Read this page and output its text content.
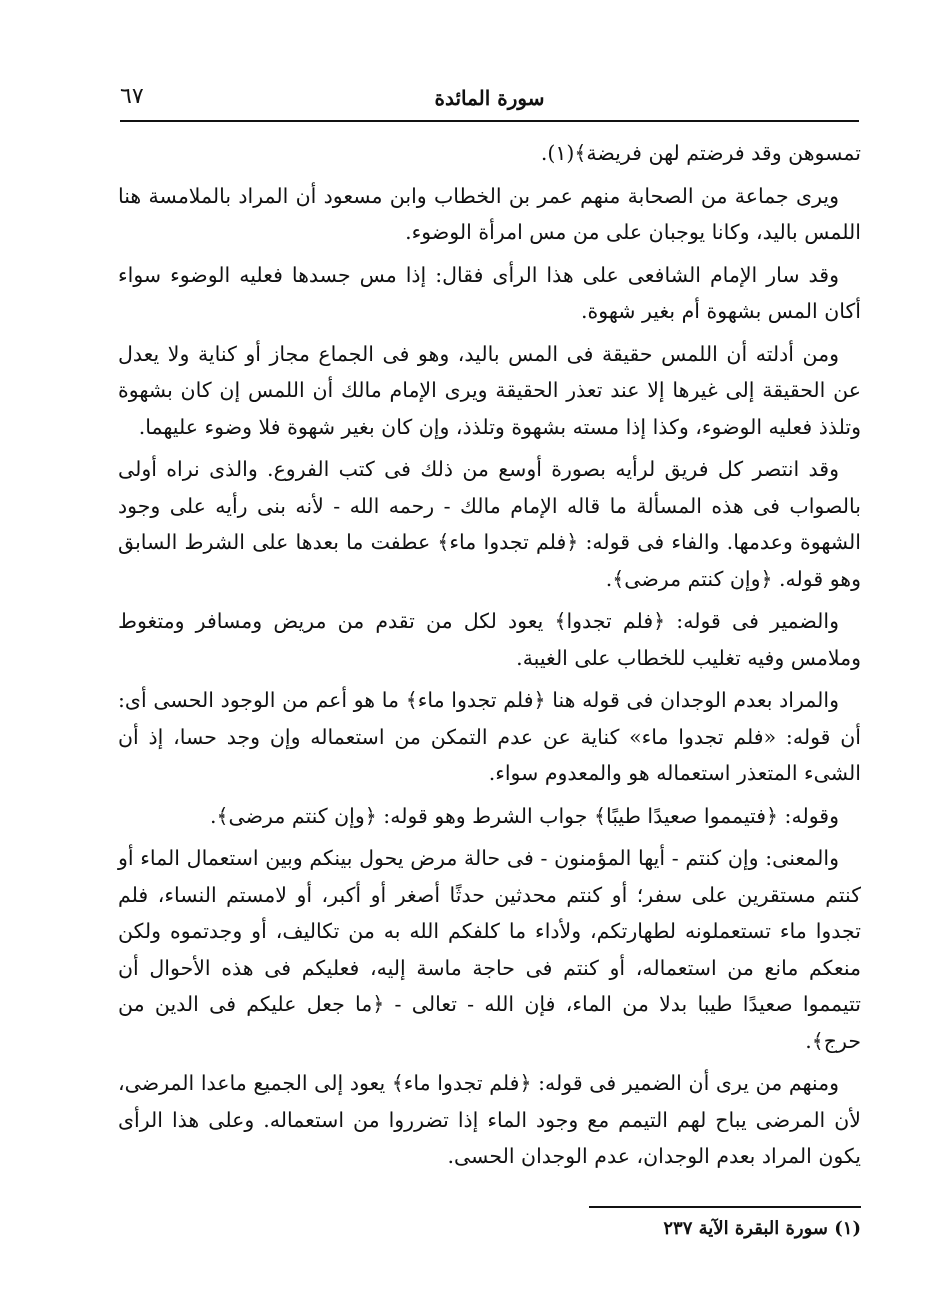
٦٧	سورة المائدة

تمسوهن وقد فرضتم لهن فريضة﴾(١).

ويرى جماعة من الصحابة منهم عمر بن الخطاب وابن مسعود أن المراد بالملامسة هنا اللمس باليد، وكانا يوجبان على من مس امرأة الوضوء.

وقد سار الإمام الشافعى على هذا الرأى فقال: إذا مس جسدها فعليه الوضوء سواء أكان المس بشهوة أم بغير شهوة.

ومن أدلته أن اللمس حقيقة فى المس باليد، وهو فى الجماع مجاز أو كناية ولا يعدل عن الحقيقة إلى غيرها إلا عند تعذر الحقيقة ويرى الإمام مالك أن اللمس إن كان بشهوة وتلذذ فعليه الوضوء، وكذا إذا مسته بشهوة وتلذذ، وإن كان بغير شهوة فلا وضوء عليهما.

وقد انتصر كل فريق لرأيه بصورة أوسع من ذلك فى كتب الفروع. والذى نراه أولى بالصواب فى هذه المسألة ما قاله الإمام مالك - رحمه الله - لأنه بنى رأيه على وجود الشهوة وعدمها. والفاء فى قوله: ﴿فلم تجدوا ماء﴾ عطفت ما بعدها على الشرط السابق وهو قوله. ﴿وإن كنتم مرضى﴾.

والضمير فى قوله: ﴿فلم تجدوا﴾ يعود لكل من تقدم من مريض ومسافر ومتغوط وملامس وفيه تغليب للخطاب على الغيبة.

والمراد بعدم الوجدان فى قوله هنا ﴿فلم تجدوا ماء﴾ ما هو أعم من الوجود الحسى أى: أن قوله: «فلم تجدوا ماء» كناية عن عدم التمكن من استعماله وإن وجد حسا، إذ أن الشىء المتعذر استعماله هو والمعدوم سواء.

وقوله: ﴿فتيمموا صعيدًا طيبًا﴾ جواب الشرط وهو قوله: ﴿وإن كنتم مرضى﴾.

والمعنى: وإن كنتم - أيها المؤمنون - فى حالة مرض يحول بينكم وبين استعمال الماء أو كنتم مستقرين على سفر؛ أو كنتم محدثين حدثًا أصغر أو أكبر، أو لامستم النساء، فلم تجدوا ماء تستعملونه لطهارتكم، ولأداء ما كلفكم الله به من تكاليف، أو وجدتموه ولكن منعكم مانع من استعماله، أو كنتم فى حاجة ماسة إليه، فعليكم فى هذه الأحوال أن تتيمموا صعيدًا طيبا بدلا من الماء، فإن الله - تعالى - ﴿ما جعل عليكم فى الدين من حرج﴾.

ومنهم من يرى أن الضمير فى قوله: ﴿فلم تجدوا ماء﴾ يعود إلى الجميع ماعدا المرضى، لأن المرضى يباح لهم التيمم مع وجود الماء إذا تضرروا من استعماله. وعلى هذا الرأى يكون المراد بعدم الوجدان، عدم الوجدان الحسى.

(١) سورة البقرة الآية ٢٣٧
